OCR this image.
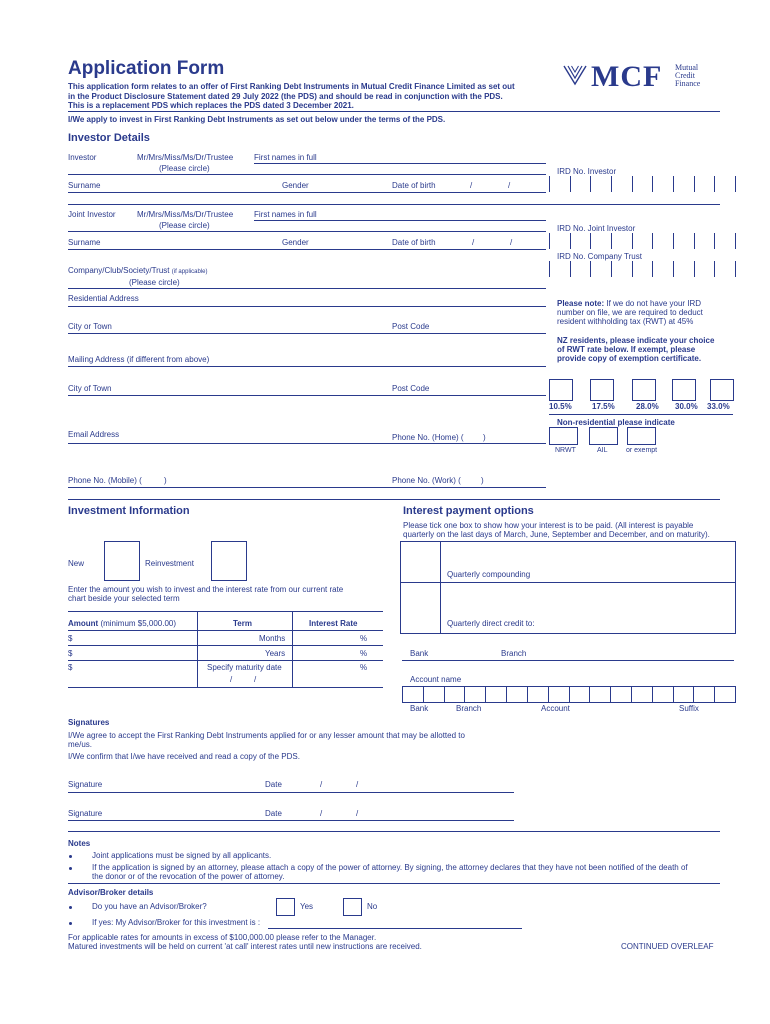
Application Form
This application form relates to an offer of First Ranking Debt Instruments in Mutual Credit Finance Limited as set out
in the Product Disclosure Statement dated 29 July 2022 (the PDS) and should be read in conjunction with the PDS.
This is a replacement PDS which replaces the PDS dated 3 December 2021.
MCF Mutual
Credit
Finance
I/We apply to invest in First Ranking Debt Instruments as set out below under the terms of the PDS.
Investor Details
Investor	Mr/Mrs/Miss/Ms/Dr/Trustee
(Please circle)
First names in full
IRD No. Investor
Surname	Gender	Date of birth	/	/
Joint Investor	Mr/Mrs/Miss/Ms/Dr/Trustee
(Please circle)
First names in full
IRD No. Joint Investor
Surname	Gender	Date of birth	/	/
IRD No. Company Trust
Company/Club/Society/Trust (if applicable)
(Please circle)
Residential Address
Please note: If we do not have your IRD
number on file, we are required to deduct
resident withholding tax (RWT) at 45%
City or Town	Post Code
NZ residents, please indicate your choice
of RWT rate below. If exempt, please
provide copy of exemption certificate.
Mailing Address (if different from above)
City of Town	Post Code
10.5%	17.5%	28.0% 30.0% 33.0%
Non-residential please indicate
NRWT	AIL	or exempt
Email Address	Phone No. (Home) ( )
Phone No. (Mobile) (	)	Phone No. (Work) (	)
Investment Information
New	Reinvestment
Enter the amount you wish to invest and the interest rate from our current rate
chart beside your selected term
Amount (minimum $5,000.00)	Term	Interest Rate
$	Months	%
$	Years	%
$	Specify maturity date	%
/	/
Interest payment options
Please tick one box to show how your interest is to be paid. (All interest is payable
quarterly on the last days of March, June, September and December, and on maturity).
Quarterly compounding
Quarterly direct credit to:
Bank	Branch
Account name
Bank	Branch	Account	Suffix
Signatures
I/We agree to accept the First Ranking Debt Instruments applied for or any lesser amount that may be allotted to
me/us.
I/We confirm that I/we have received and read a copy of the PDS.
Signature	Date	/	/
Signature	Date	/	/
Notes
Joint applications must be signed by all applicants.
If the application is signed by an attorney, please attach a copy of the power of attorney. By signing, the attorney declares that they have not been notified of the death of
the donor or of the revocation of the power of attorney.
Advisor/Broker details
Do you have an Advisor/Broker?	Yes	No
If yes: My Advisor/Broker for this investment is :
For applicable rates for amounts in excess of $100,000.00 please refer to the Manager.
Matured investments will be held on current 'at call' interest rates until new instructions are received.	CONTINUED OVERLEAF
